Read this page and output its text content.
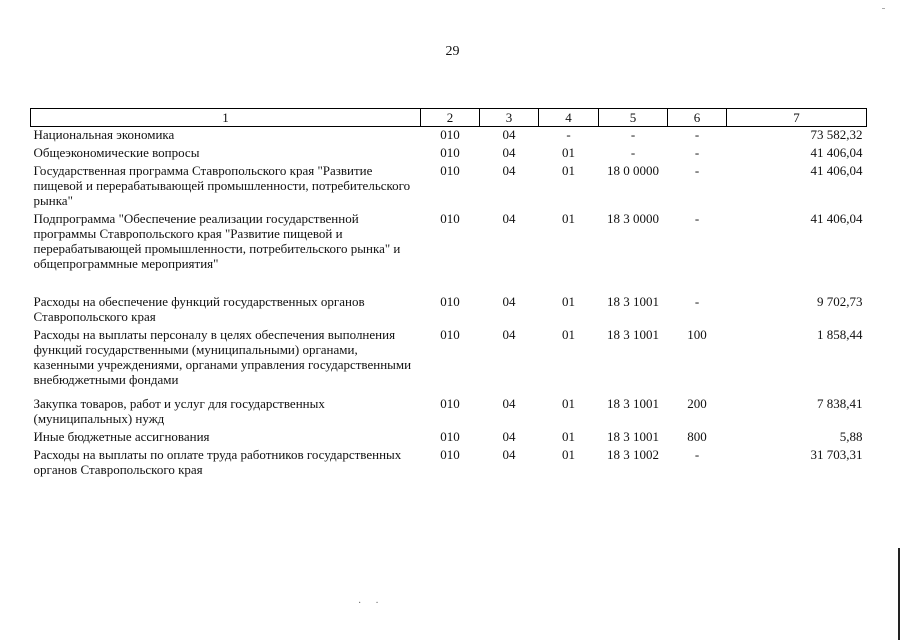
29
1	2	3	4	5	6	7
Национальная экономика	010	04	-	-	-	73 582,32
Общеэкономические вопросы	010	04	01	-	-	41 406,04
Государственная программа Ставропольского края "Развитие пищевой и перерабатывающей промышленности, потребительского рынка"	010	04	01	18 0 0000	-	41 406,04
Подпрограмма "Обеспечение реализации государственной программы Ставропольского края "Развитие пищевой и перерабатывающей промышленности, потребительского рынка" и общепрограммные мероприятия"	010	04	01	18 3 0000	-	41 406,04

Расходы на обеспечение функций государственных органов Ставропольского края	010	04	01	18 3 1001	-	9 702,73
Расходы на выплаты персоналу в целях обеспечения выполнения функций государственными (муниципальными) органами, казенными учреждениями, органами управления государственными внебюджетными фондами	010	04	01	18 3 1001	100	1 858,44

Закупка товаров, работ и услуг для государственных (муниципальных) нужд	010	04	01	18 3 1001	200	7 838,41
Иные бюджетные ассигнования	010	04	01	18 3 1001	800	5,88
Расходы на выплаты по оплате труда работников государственных органов Ставропольского края	010	04	01	18 3 1002	-	31 703,31
··
